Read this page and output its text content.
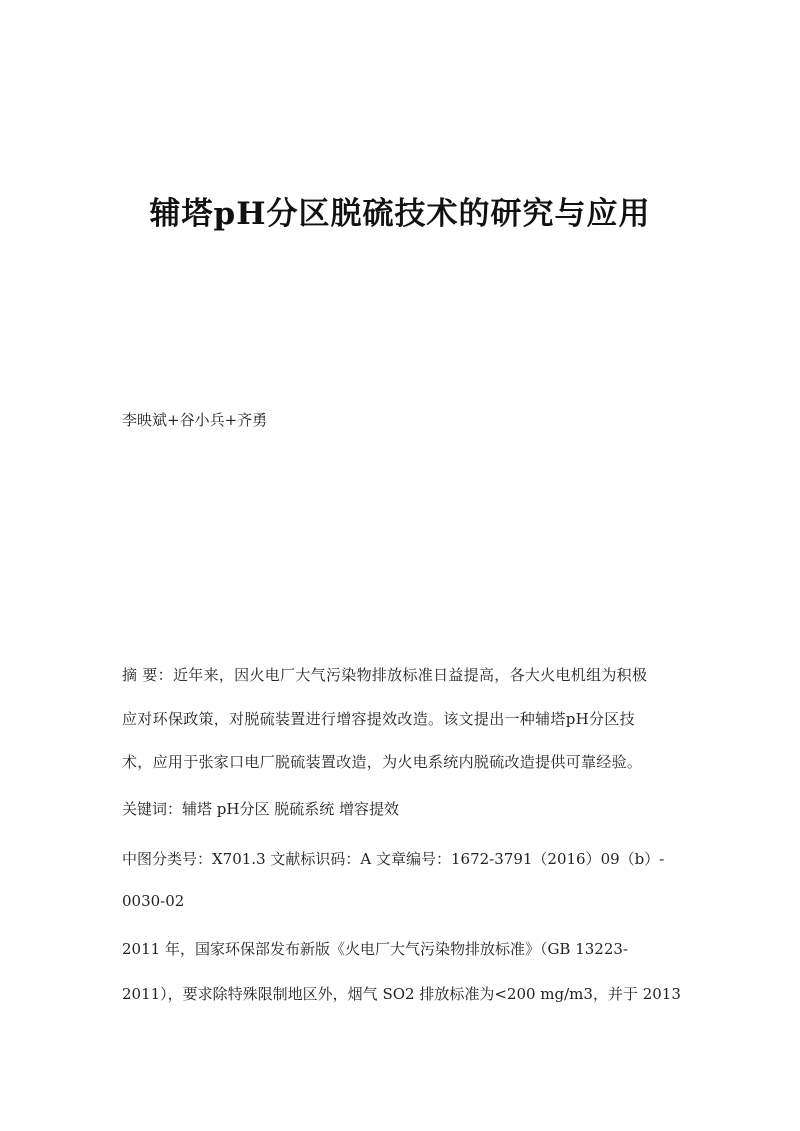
辅塔pH分区脱硫技术的研究与应用
李映斌+谷小兵+齐勇
摘 要：近年来，因火电厂大气污染物排放标准日益提高，各大火电机组为积极
应对环保政策，对脱硫装置进行增容提效改造。该文提出一种辅塔pH分区技
术，应用于张家口电厂脱硫装置改造，为火电系统内脱硫改造提供可靠经验。
关键词：辅塔 pH分区 脱硫系统 增容提效
中图分类号：X701.3 文献标识码：A 文章编号：1672-3791（2016）09（b）-
0030-02
2011 年，国家环保部发布新版《火电厂大气污染物排放标准》（GB 13223-
2011），要求除特殊限制地区外，烟气 SO2 排放标准为<200 mg/m3，并于 2013
